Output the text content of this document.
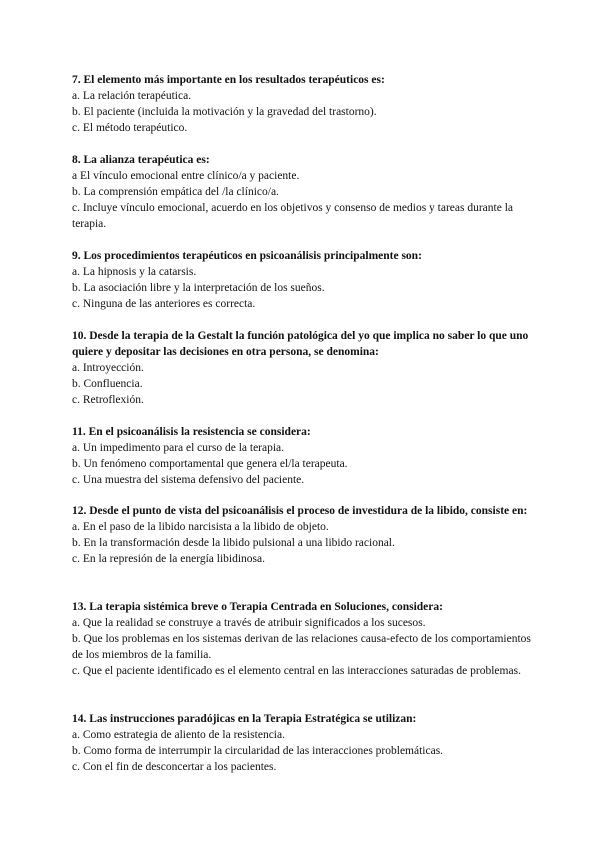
7. El elemento más importante en los resultados terapéuticos es:

a. La relación terapéutica.

b. El paciente (incluida la motivación y la gravedad del trastorno).

c. El método terapéutico.

8. La alianza terapéutica es:

a El vínculo emocional entre clínico/a y paciente.

b. La comprensión empática del /la clínico/a.

c. Incluye vínculo emocional, acuerdo en los objetivos y consenso de medios y tareas durante la terapia.

9. Los procedimientos terapéuticos en psicoanálisis principalmente son:

a. La hipnosis y la catarsis.

b. La asociación libre y la interpretación de los sueños.

c. Ninguna de las anteriores es correcta.

10. Desde la terapia de la Gestalt la función patológica del yo que implica no saber lo que uno quiere y depositar las decisiones en otra persona, se denomina:

a. Introyección.

b. Confluencia.

c. Retroflexión.

11. En el psicoanálisis la resistencia se considera:

a. Un impedimento para el curso de la terapia.

b. Un fenómeno comportamental que genera el/la terapeuta.

c. Una muestra del sistema defensivo del paciente.

12. Desde el punto de vista del psicoanálisis el proceso de investidura de la libido, consiste en:

a. En el paso de la libido narcisista a la libido de objeto.

b. En la transformación desde la libido pulsional a una libido racional.

c. En la represión de la energía libidinosa.

13. La terapia sistémica breve o Terapia Centrada en Soluciones, considera:

a. Que la realidad se construye a través de atribuir significados a los sucesos.

b. Que los problemas en los sistemas derivan de las relaciones causa-efecto de los comportamientos de los miembros de la familia.

c. Que el paciente identificado es el elemento central en las interacciones saturadas de problemas.

14. Las instrucciones paradójicas en la Terapia Estratégica se utilizan:

a. Como estrategia de aliento de la resistencia.

b. Como forma de interrumpir la circularidad de las interacciones problemáticas.

c. Con el fin de desconcertar a los pacientes.
